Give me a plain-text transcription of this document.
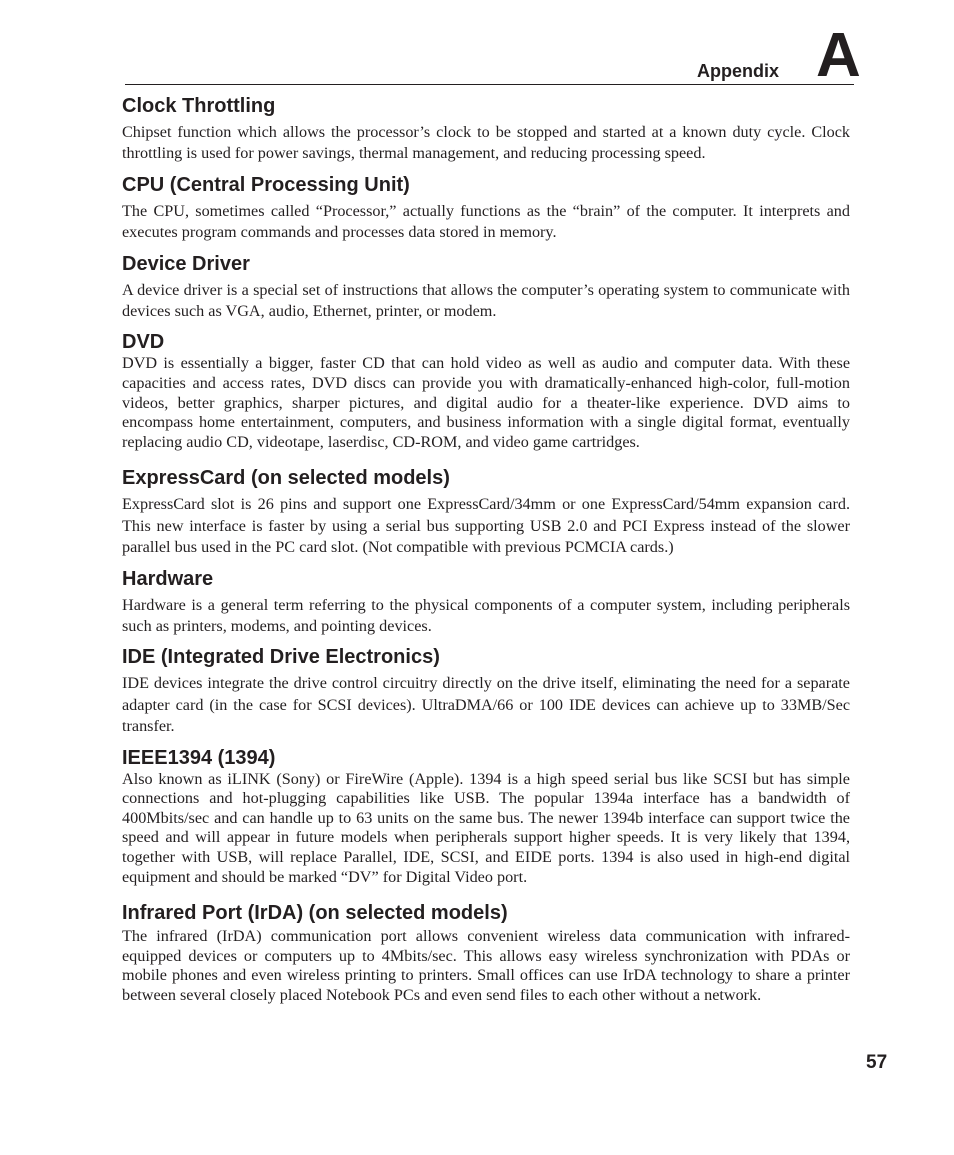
Appendix A
Clock Throttling

Chipset function which allows the processor’s clock to be stopped and started at a known duty cycle. Clock throttling is used for power savings, thermal management, and reducing processing speed.

CPU (Central Processing Unit)

The CPU, sometimes called “Processor,” actually functions as the “brain” of the computer. It interprets and executes program commands and processes data stored in memory.

Device Driver

A device driver is a special set of instructions that allows the computer’s operating system to communicate with devices such as VGA, audio, Ethernet, printer, or modem.

DVD

DVD is essentially a bigger, faster CD that can hold video as well as audio and computer data. With these capacities and access rates, DVD discs can provide you with dramatically-enhanced high-color, full-motion videos, better graphics, sharper pictures, and digital audio for a theater-like experience. DVD aims to encompass home entertainment, computers, and business information with a single digital format, eventually replacing audio CD, videotape, laserdisc, CD-ROM, and video game cartridges.

ExpressCard (on selected models)

ExpressCard slot is 26 pins and support one ExpressCard/34mm or one ExpressCard/54mm expansion card. This new interface is faster by using a serial bus supporting USB 2.0 and PCI Express instead of the slower parallel bus used in the PC card slot. (Not compatible with previous PCMCIA cards.)

Hardware

Hardware is a general term referring to the physical components of a computer system, including peripherals such as printers, modems, and pointing devices.

IDE (Integrated Drive Electronics)

IDE devices integrate the drive control circuitry directly on the drive itself, eliminating the need for a separate adapter card (in the case for SCSI devices). UltraDMA/66 or 100 IDE devices can achieve up to 33MB/Sec transfer.

IEEE1394 (1394)

Also known as iLINK (Sony) or FireWire (Apple). 1394 is a high speed serial bus like SCSI but has simple connections and hot-plugging capabilities like USB. The popular 1394a interface has a bandwidth of 400Mbits/sec and can handle up to 63 units on the same bus. The newer 1394b interface can support twice the speed and will appear in future models when peripherals support higher speeds. It is very likely that 1394, together with USB, will replace Parallel, IDE, SCSI, and EIDE ports. 1394 is also used in high-end digital equipment and should be marked “DV” for Digital Video port.

Infrared Port (IrDA) (on selected models)

The infrared (IrDA) communication port allows convenient wireless data communication with infrared-equipped devices or computers up to 4Mbits/sec. This allows easy wireless synchronization with PDAs or mobile phones and even wireless printing to printers. Small offices can use IrDA technology to share a printer between several closely placed Notebook PCs and even send files to each other without a network.

57
